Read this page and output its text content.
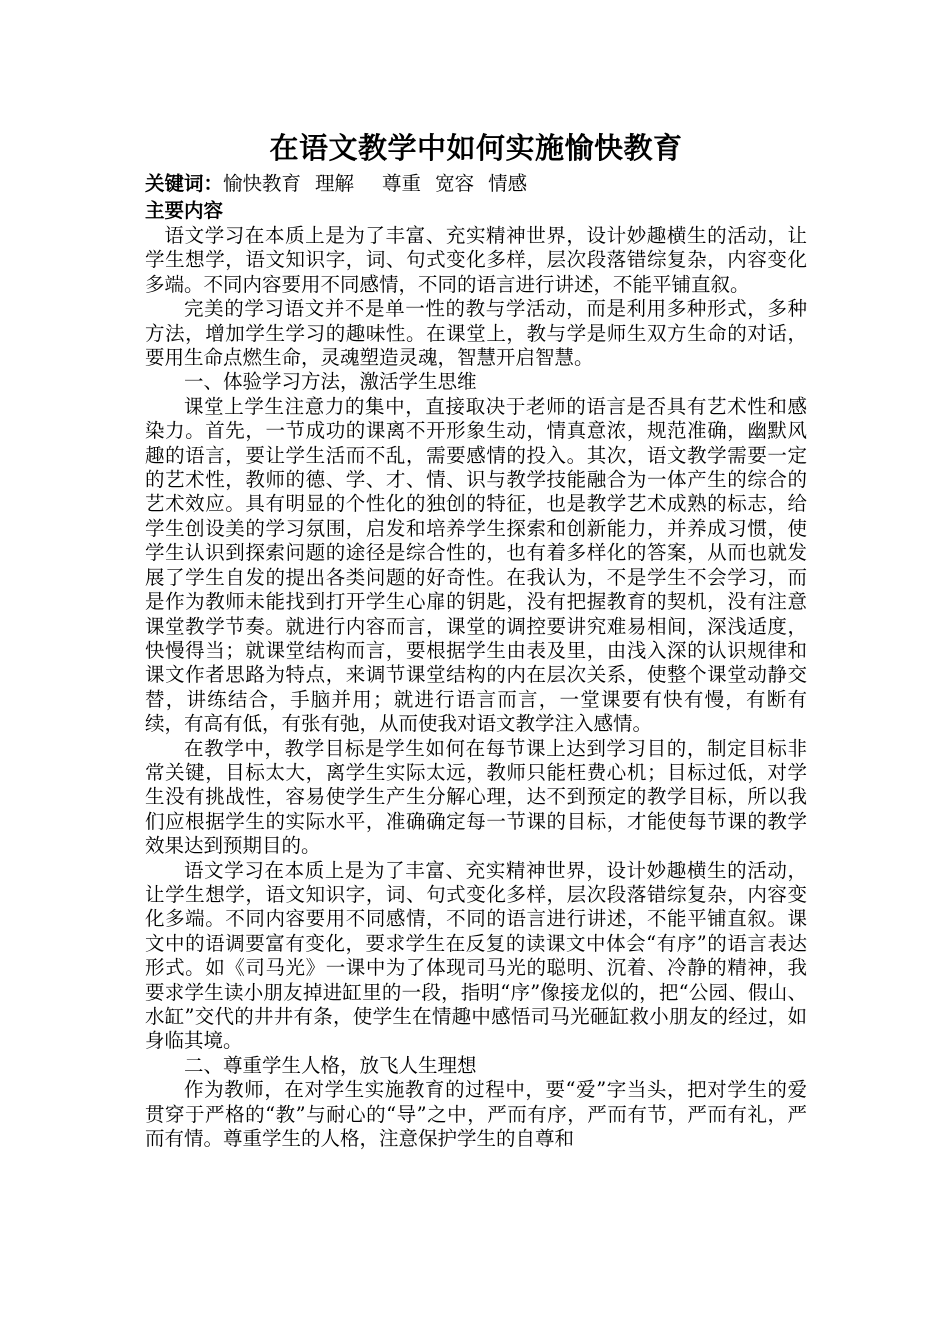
在语文教学中如何实施愉快教育
关键词：愉快教育 理解 尊重 宽容 情感
主要内容

语文学习在本质上是为了丰富、充实精神世界，设计妙趣横生的活动，让学生想学，语文知识字，词、句式变化多样，层次段落错综复杂，内容变化多端。不同内容要用不同感情，不同的语言进行讲述，不能平铺直叙。

完美的学习语文并不是单一性的教与学活动，而是利用多种形式，多种方法，增加学生学习的趣味性。在课堂上，教与学是师生双方生命的对话，要用生命点燃生命，灵魂塑造灵魂，智慧开启智慧。

一、体验学习方法，激活学生思维

课堂上学生注意力的集中，直接取决于老师的语言是否具有艺术性和感染力。首先，一节成功的课离不开形象生动，情真意浓，规范准确，幽默风趣的语言，要让学生活而不乱，需要感情的投入。其次，语文教学需要一定的艺术性，教师的德、学、才、情、识与教学技能融合为一体产生的综合的艺术效应。具有明显的个性化的独创的特征，也是教学艺术成熟的标志，给学生创设美的学习氛围，启发和培养学生探索和创新能力，并养成习惯，使学生认识到探索问题的途径是综合性的，也有着多样化的答案，从而也就发展了学生自发的提出各类问题的好奇性。在我认为，不是学生不会学习，而是作为教师未能找到打开学生心扉的钥匙，没有把握教育的契机，没有注意课堂教学节奏。就进行内容而言，课堂的调控要讲究难易相间，深浅适度，快慢得当；就课堂结构而言，要根据学生由表及里，由浅入深的认识规律和课文作者思路为特点，来调节课堂结构的内在层次关系，使整个课堂动静交替，讲练结合，手脑并用；就进行语言而言，一堂课要有快有慢，有断有续，有高有低，有张有弛，从而使我对语文教学注入感情。

在教学中，教学目标是学生如何在每节课上达到学习目的，制定目标非常关键，目标太大，离学生实际太远，教师只能枉费心机；目标过低，对学生没有挑战性，容易使学生产生分解心理，达不到预定的教学目标，所以我们应根据学生的实际水平，准确确定每一节课的目标，才能使每节课的教学效果达到预期目的。

语文学习在本质上是为了丰富、充实精神世界，设计妙趣横生的活动，让学生想学，语文知识字，词、句式变化多样，层次段落错综复杂，内容变化多端。不同内容要用不同感情，不同的语言进行讲述，不能平铺直叙。课文中的语调要富有变化，要求学生在反复的读课文中体会“有序”的语言表达形式。如《司马光》一课中为了体现司马光的聪明、沉着、冷静的精神，我要求学生读小朋友掉进缸里的一段，指明“序”像接龙似的，把“公园、假山、水缸”交代的井井有条，使学生在情趣中感悟司马光砸缸救小朋友的经过，如身临其境。

二、尊重学生人格，放飞人生理想

作为教师，在对学生实施教育的过程中，要“爱”字当头，把对学生的爱贯穿于严格的“教”与耐心的“导”之中，严而有序，严而有节，严而有礼，严而有情。尊重学生的人格，注意保护学生的自尊和
